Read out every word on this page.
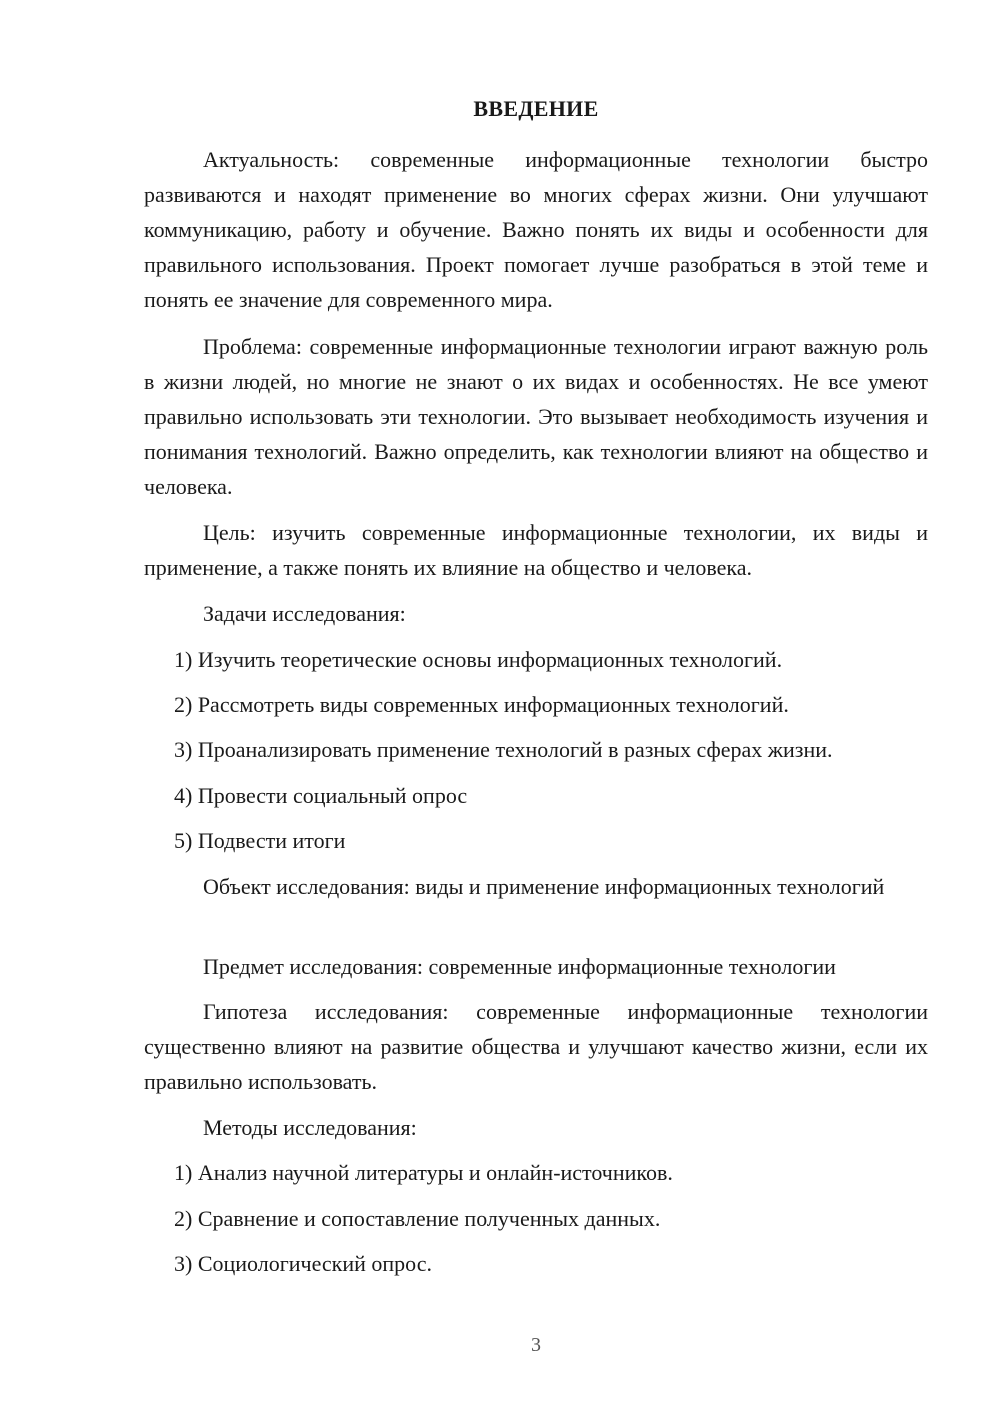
ВВЕДЕНИЕ
Актуальность: современные информационные технологии быстро развиваются и находят применение во многих сферах жизни. Они улучшают коммуникацию, работу и обучение. Важно понять их виды и особенности для правильного использования. Проект помогает лучше разобраться в этой теме и понять ее значение для современного мира.
Проблема: современные информационные технологии играют важную роль в жизни людей, но многие не знают о их видах и особенностях. Не все умеют правильно использовать эти технологии. Это вызывает необходимость изучения и понимания технологий. Важно определить, как технологии влияют на общество и человека.
Цель: изучить современные информационные технологии, их виды и применение, а также понять их влияние на общество и человека.
Задачи исследования:
1) Изучить теоретические основы информационных технологий.
2) Рассмотреть виды современных информационных технологий.
3) Проанализировать применение технологий в разных сферах жизни.
4) Провести социальный опрос
5) Подвести итоги
Объект исследования: виды и применение информационных технологий
Предмет исследования: современные информационные технологии
Гипотеза исследования: современные информационные технологии существенно влияют на развитие общества и улучшают качество жизни, если их правильно использовать.
Методы исследования:
1) Анализ научной литературы и онлайн-источников.
2) Сравнение и сопоставление полученных данных.
3) Социологический опрос.
3
